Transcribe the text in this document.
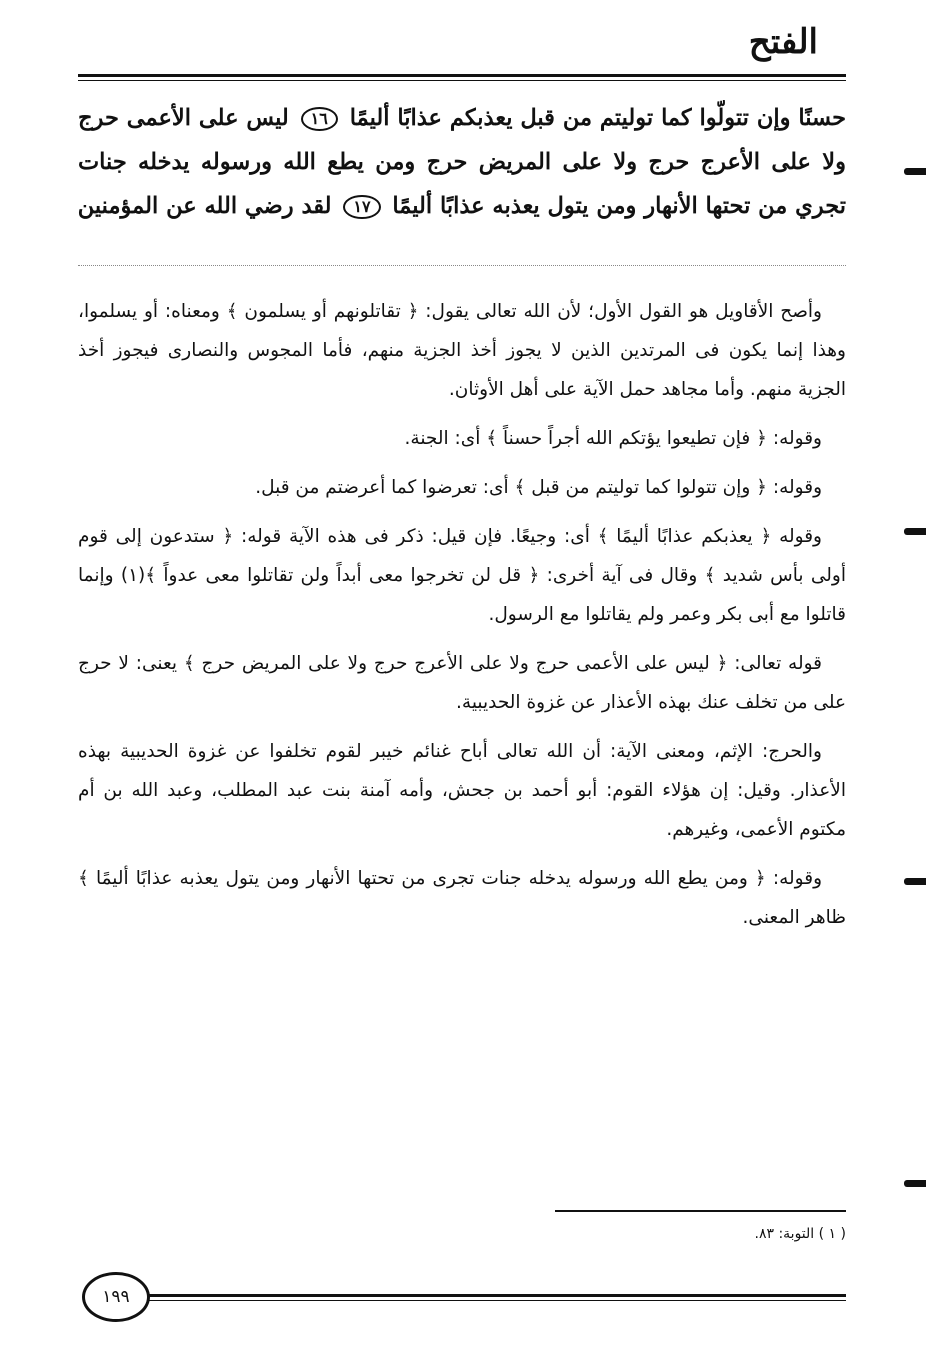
الفتح
حسنًا وإن تتولّوا كما توليتم من قبل يعذبكم عذابًا أليمًا ١٦ ليس على الأعمى حرج
ولا على الأعرج حرج ولا على المريض حرج ومن يطع الله ورسوله يدخله جنات
تجري من تحتها الأنهار ومن يتول يعذبه عذابًا أليمًا ١٧ لقد رضي الله عن المؤمنين

وأصح الأقاويل هو القول الأول؛ لأن الله تعالى يقول: ﴿ تقاتلونهم أو يسلمون ﴾ ومعناه: أو يسلموا، وهذا إنما يكون فى المرتدين الذين لا يجوز أخذ الجزية منهم، فأما المجوس والنصارى فيجوز أخذ الجزية منهم. وأما مجاهد حمل الآية على أهل الأوثان.

وقوله: ﴿ فإن تطيعوا يؤتكم الله أجراً حسناً ﴾ أى: الجنة.

وقوله: ﴿ وإن تتولوا كما توليتم من قبل ﴾ أى: تعرضوا كما أعرضتم من قبل.

وقوله ﴿ يعذبكم عذابًا أليمًا ﴾ أى: وجيعًا. فإن قيل: ذكر فى هذه الآية قوله: ﴿ ستدعون إلى قوم أولى بأس شديد ﴾ وقال فى آية أخرى: ﴿ قل لن تخرجوا معى أبداً ولن تقاتلوا معى عدواً ﴾(١) وإنما قاتلوا مع أبى بكر وعمر ولم يقاتلوا مع الرسول.

قوله تعالى: ﴿ ليس على الأعمى حرج ولا على الأعرج حرج ولا على المريض حرج ﴾ يعنى: لا حرج على من تخلف عنك بهذه الأعذار عن غزوة الحديبية.

والحرج: الإثم، ومعنى الآية: أن الله تعالى أباح غنائم خيبر لقوم تخلفوا عن غزوة الحديبية بهذه الأعذار. وقيل: إن هؤلاء القوم: أبو أحمد بن جحش، وأمه آمنة بنت عبد المطلب، وعبد الله بن أم مكتوم الأعمى، وغيرهم.

وقوله: ﴿ ومن يطع الله ورسوله يدخله جنات تجرى من تحتها الأنهار ومن يتول يعذبه عذابًا أليمًا ﴾ ظاهر المعنى.

( ١ ) التوبة: ٨٣.
١٩٩
